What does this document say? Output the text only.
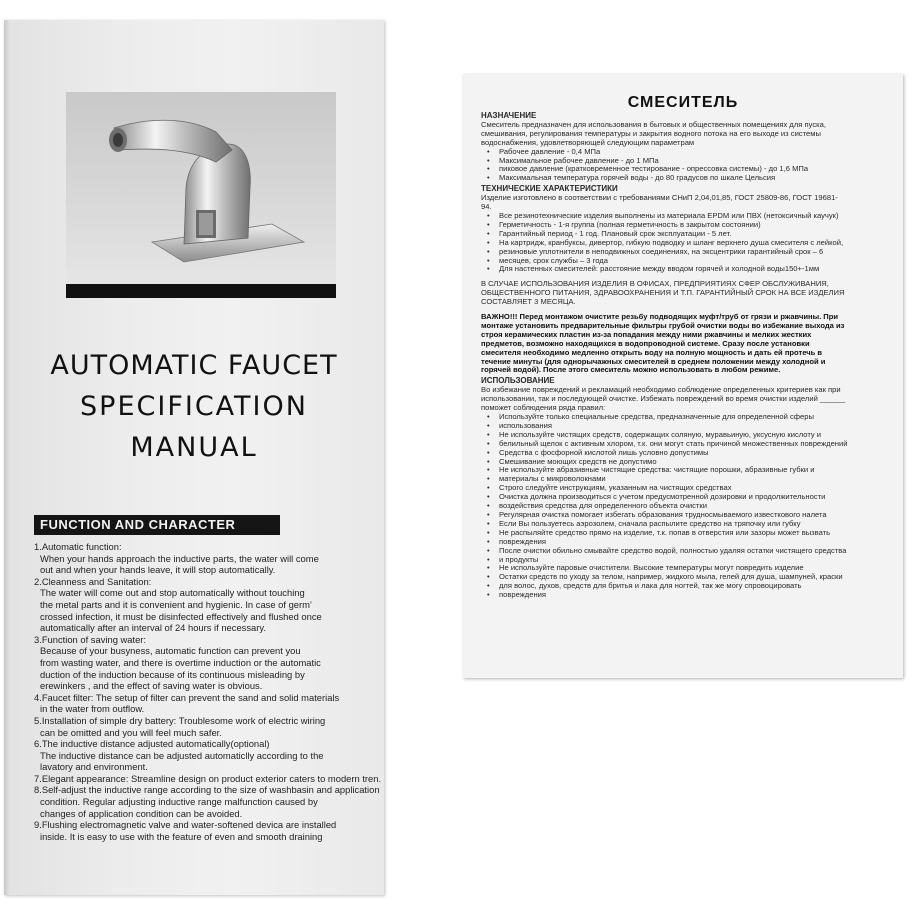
AUTOMATIC FAUCET
SPECIFICATION
MANUAL
FUNCTION AND CHARACTER
1.Automatic function:
When your hands approach the inductive parts, the water will come
out and when your hands leave, it will stop automatically.
2.Cleanness and Sanitation:
The water will come out and stop automatically without touching
the metal parts and it is convenient and hygienic. In case of germ'
crossed infection, it must be disinfected effectively and flushed once
automatically after an interval of 24 hours if necessary.
3.Function of saving water:
Because of your busyness, automatic function can prevent you
from wasting water, and there is overtime induction or the automatic
duction of the induction because of its continuous misleading by
erewinkers , and the effect of saving water is obvious.
4.Faucet filter: The setup of filter can prevent the sand and solid materials
in the water from outflow.
5.Installation of simple dry battery: Troublesome work of electric wiring
can be omitted and you will feel much safer.
6.The inductive distance adjusted automatically(optional)
The inductive distance can be adjusted automaticlly according to the
lavatory and environment.
7.Elegant appearance: Streamline design on product exterior caters to modern tren.
8.Self-adjust the inductive range according to the size of washbasin and application
condition. Regular adjusting inductive range malfunction caused by
changes of application condition can be avoided.
9.Flushing electromagnetic valve and water-softened devica are installed
inside. It is easy to use with the feature of even and smooth draining
СМЕСИТЕЛЬ
НАЗНАЧЕНИЕ
Смеситель предназначен для использования в бытовых и общественных помещениях для пуска,
смешивания, регулирования температуры и закрытия водного потока на его выходе из системы
водоснабжения, удовлетворяющей следующим параметрам
• Рабочее давление - 0,4 МПа
• Максимальное рабочее давление - до 1 МПа
• пиковое давление (кратковременное тестирование - опрессовка системы) - до 1,6 МПа
• Максимальная температура горячей воды - до 80 градусов по шкале Цельсия
ТЕХНИЧЕСКИЕ ХАРАКТЕРИСТИКИ
Изделие изготовлено в соответствии с требованиями СНиП 2,04,01,85, ГОСТ 25809-86, ГОСТ 19681-
94.
• Все резинотехнические изделия выполнены из материала EPDM или ПВХ (нетоксичный каучук)
• Герметичность - 1-я группа (полная герметичность в закрытом состоянии)
• Гарантийный период - 1 год. Плановый срок эксплуатации - 5 лет.
• На картридж, кранбуксы, дивертор, гибкую подводку и шланг верхнего душа смесителя с лейкой,
• резиновые уплотнители в неподвижных соединениях, на эксцентрики гарантийный срок – 6
• месяцев, срок службы – 3 года
• Для настенных смесителей: расстояние между вводом горячей и холодной воды150+-1мм
В СЛУЧАЕ ИСПОЛЬЗОВАНИЯ ИЗДЕЛИЯ В ОФИСАХ, ПРЕДПРИЯТИЯХ СФЕР ОБСЛУЖИВАНИЯ,
ОБЩЕСТВЕННОГО ПИТАНИЯ, ЗДРАВООХРАНЕНИЯ И Т.П. ГАРАНТИЙНЫЙ СРОК НА ВСЕ ИЗДЕЛИЯ
СОСТАВЛЯЕТ 3 МЕСЯЦА.
ВАЖНО!!! Перед монтажом очистите резьбу подводящих муфт/труб от грязи и ржавчины. При
монтаже установить предварительные фильтры грубой очистки воды во избежание выхода из
строя керамических пластин из-за попадания между ними ржавчины и мелких жестких
предметов, возможно находящихся в водопроводной системе. Сразу после установки
смесителя необходимо медленно открыть воду на полную мощность и дать ей протечь в
течение минуты (для однорычажных смесителей в среднем положении между холодной и
горячей водой). После этого смеситель можно использовать в любом режиме.
ИСПОЛЬЗОВАНИЕ
Во избежание повреждений и рекламаций необходимо соблюдение определенных критериев как при
использовании, так и последующей очистке. Избежать повреждений во время очистки изделий ______
поможет соблюдения ряда правил:
• Используйте только специальные средства, предназначенные для определенной сферы
• использования
• Не используйте чистящих средств, содержащих соляную, муравьиную, уксусную кислоту и
• белильный щелок с активным хлором, т.к. они могут стать причиной множественных повреждений
• Средства с фосфорной кислотой лишь условно допустимы
• Смешивание моющих средств не допустимо
• Не используйте абразивные чистящие средства: чистящие порошки, абразивные губки и
• материалы с микроволокнами
• Строго следуйте инструкциям, указанным на чистящих средствах
• Очистка должна производиться с учетом предусмотренной дозировки и продолжительности
• воздействия средства для определенного объекта очистки
• Регулярная очистка помогает избегать образования трудносмываемого известкового налета
• Если Вы пользуетесь аэрозолем, сначала распылите средство на тряпочку или губку
• Не распыляйте средство прямо на изделие, т.к. попав в отверстия или зазоры может вызвать
• повреждения
• После очистки обильно смывайте средство водой, полностью удаляя остатки чистящего средства
• и продукты
• Не используйте паровые очистители. Высокие температуры могут повредить изделие
• Остатки средств по уходу за телом, например, жидкого мыла, гелей для душа, шампуней, краски
• для волос, духов, средств для бритья и лака для ногтей, так же могу спровоцировать
• повреждения
